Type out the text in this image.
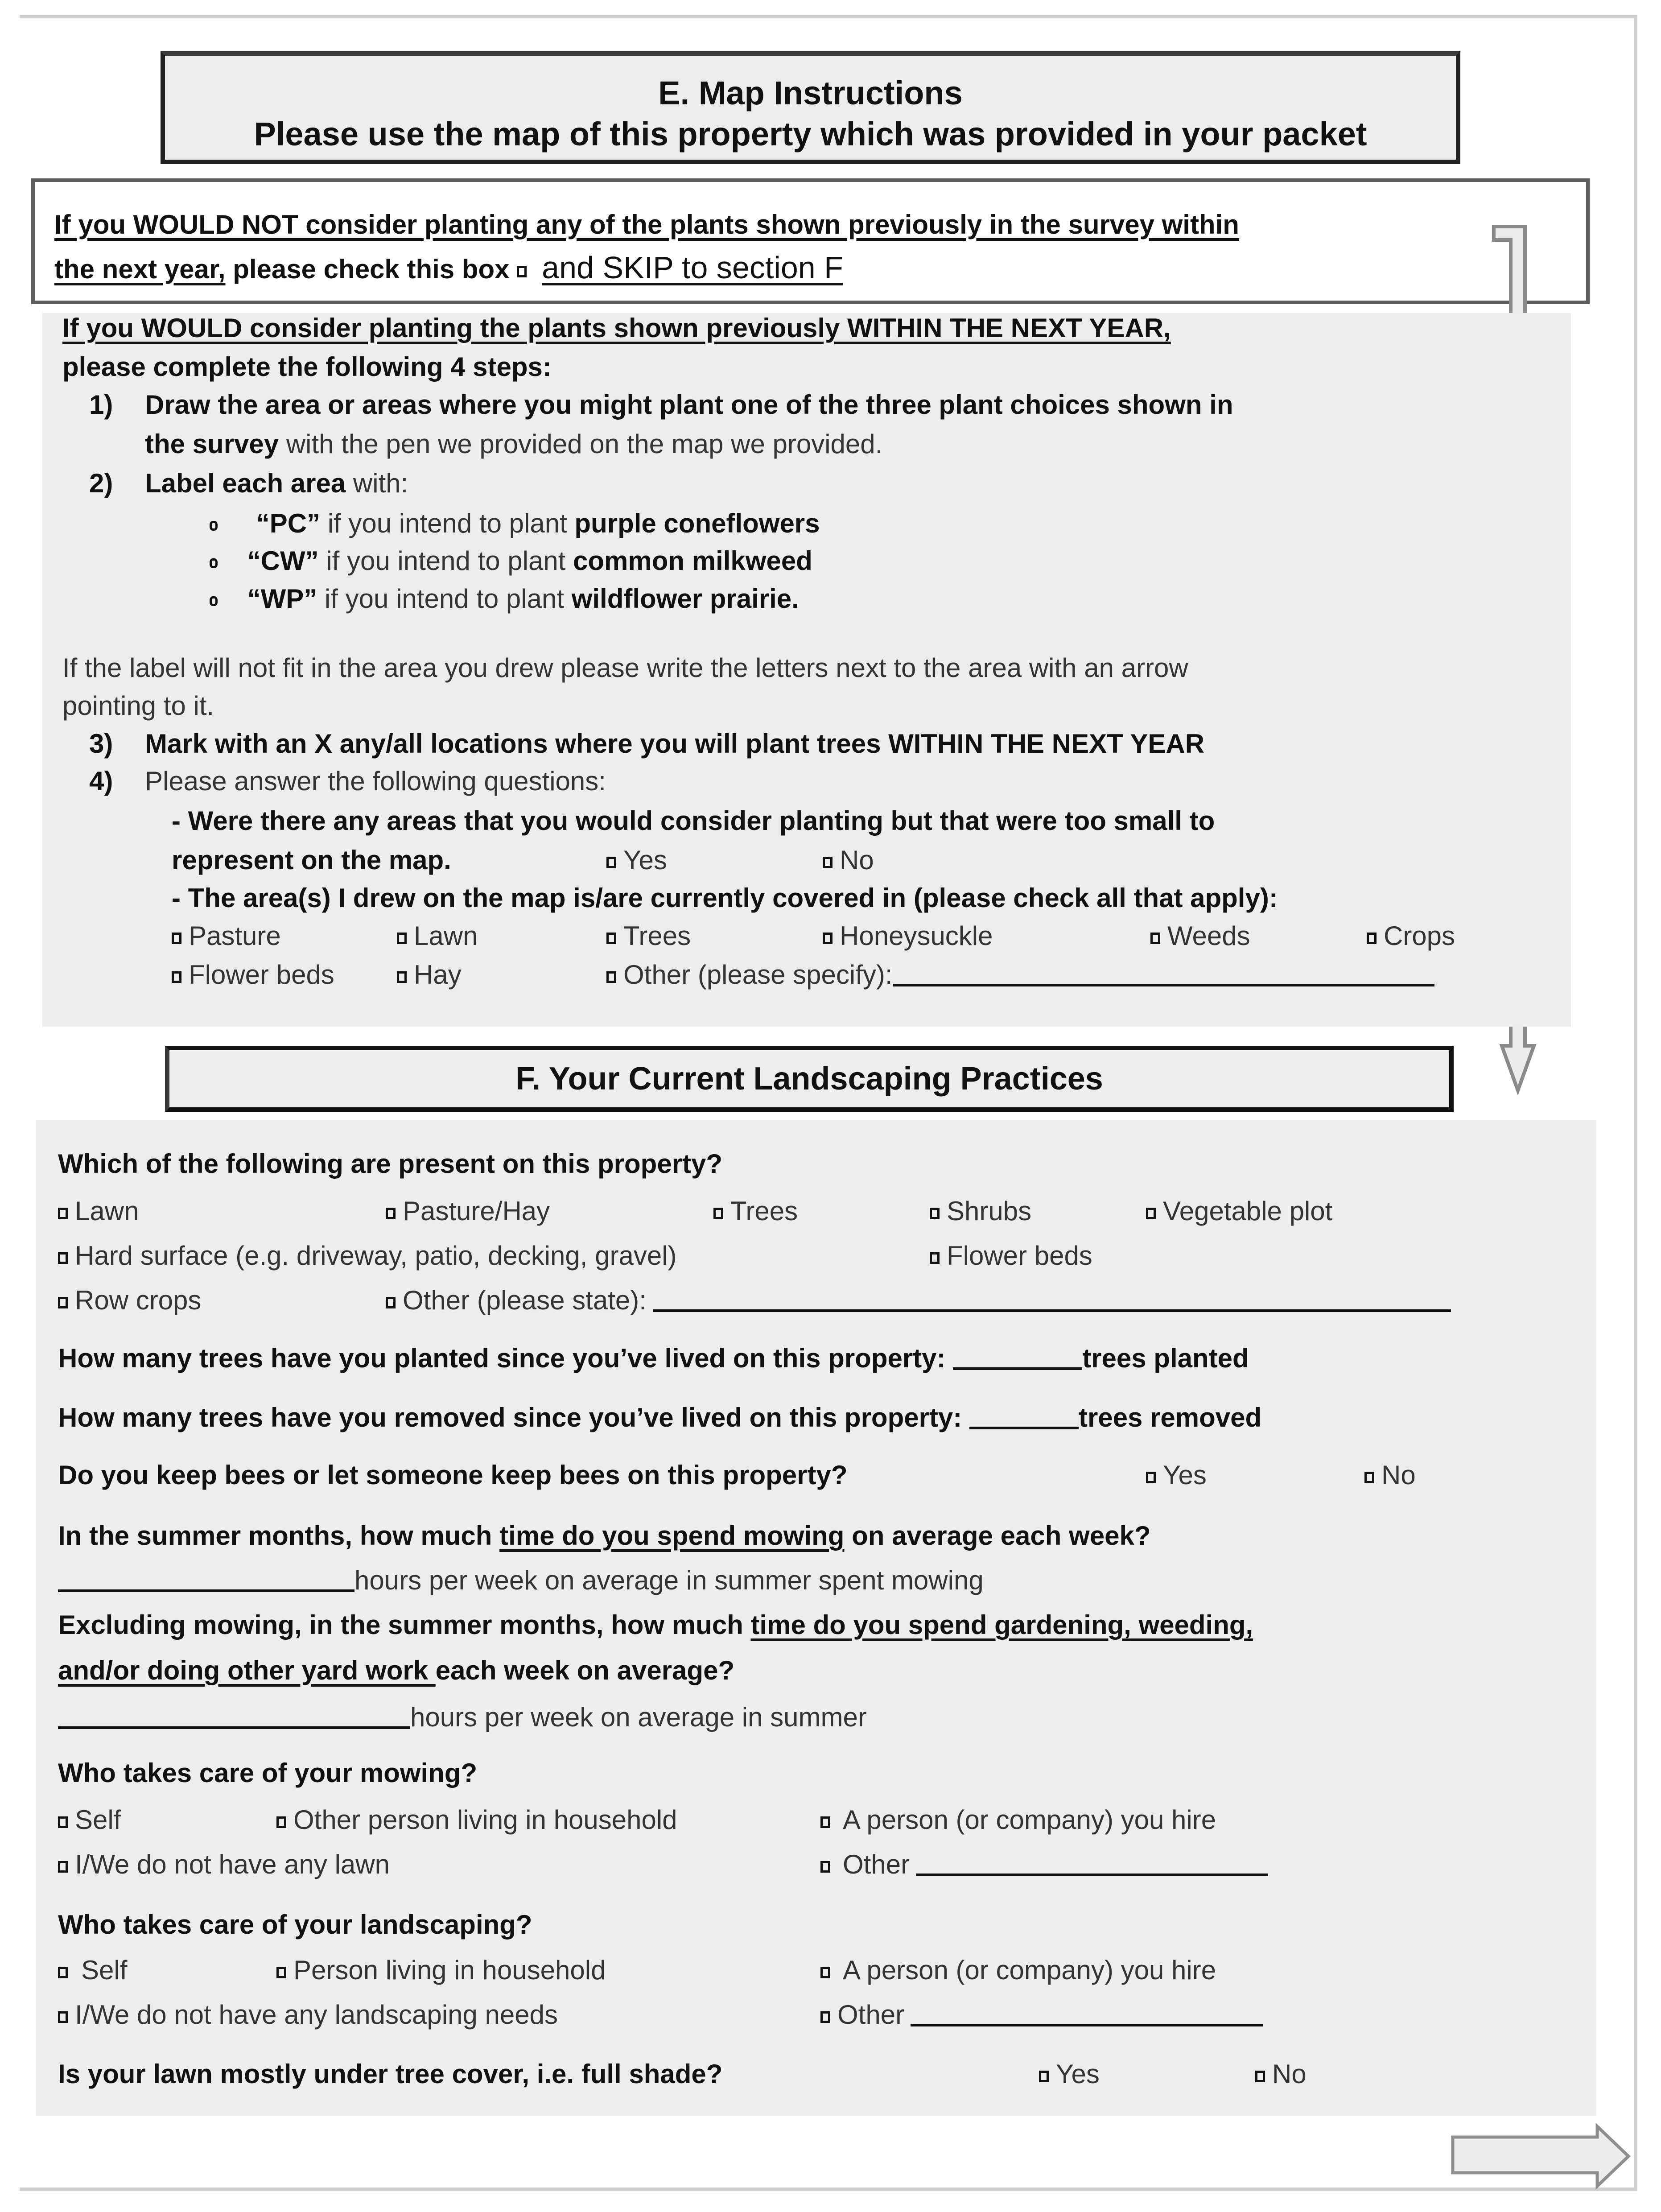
E. Map Instructions
Please use the map of this property which was provided in your packet
If you WOULD NOT consider planting any of the plants shown previously in the survey within
the next year, please check this box and SKIP to section F
If you WOULD consider planting the plants shown previously WITHIN THE NEXT YEAR,
please complete the following 4 steps:
1) Draw the area or areas where you might plant one of the three plant choices shown in
the survey with the pen we provided on the map we provided.
2) Label each area with:
“PC” if you intend to plant purple coneflowers
“CW” if you intend to plant common milkweed
“WP” if you intend to plant wildflower prairie.
If the label will not fit in the area you drew please write the letters next to the area with an arrow
pointing to it.
3) Mark with an X any/all locations where you will plant trees WITHIN THE NEXT YEAR
4) Please answer the following questions:
- Were there any areas that you would consider planting but that were too small to
represent on the map.	Yes	No
- The area(s) I drew on the map is/are currently covered in (please check all that apply):
Pasture	Lawn	Trees	Honeysuckle	Weeds	Crops
Flower beds	Hay	Other (please specify):
F. Your Current Landscaping Practices
Which of the following are present on this property?
Lawn	Pasture/Hay	Trees	Shrubs	Vegetable plot
Hard surface (e.g. driveway, patio, decking, gravel)	Flower beds
Row crops	Other (please state):
How many trees have you planted since you’ve lived on this property:	trees planted
How many trees have you removed since you’ve lived on this property:	trees removed
Do you keep bees or let someone keep bees on this property?	Yes	No
In the summer months, how much time do you spend mowing on average each week?
hours per week on average in summer spent mowing
Excluding mowing, in the summer months, how much time do you spend gardening, weeding,
and/or doing other yard work each week on average?
hours per week on average in summer
Who takes care of your mowing?
Self	Other person living in household	A person (or company) you hire
I/We do not have any lawn	Other
Who takes care of your landscaping?
Self	Person living in household	A person (or company) you hire
I/We do not have any landscaping needs	Other
Is your lawn mostly under tree cover, i.e. full shade?	Yes	No
